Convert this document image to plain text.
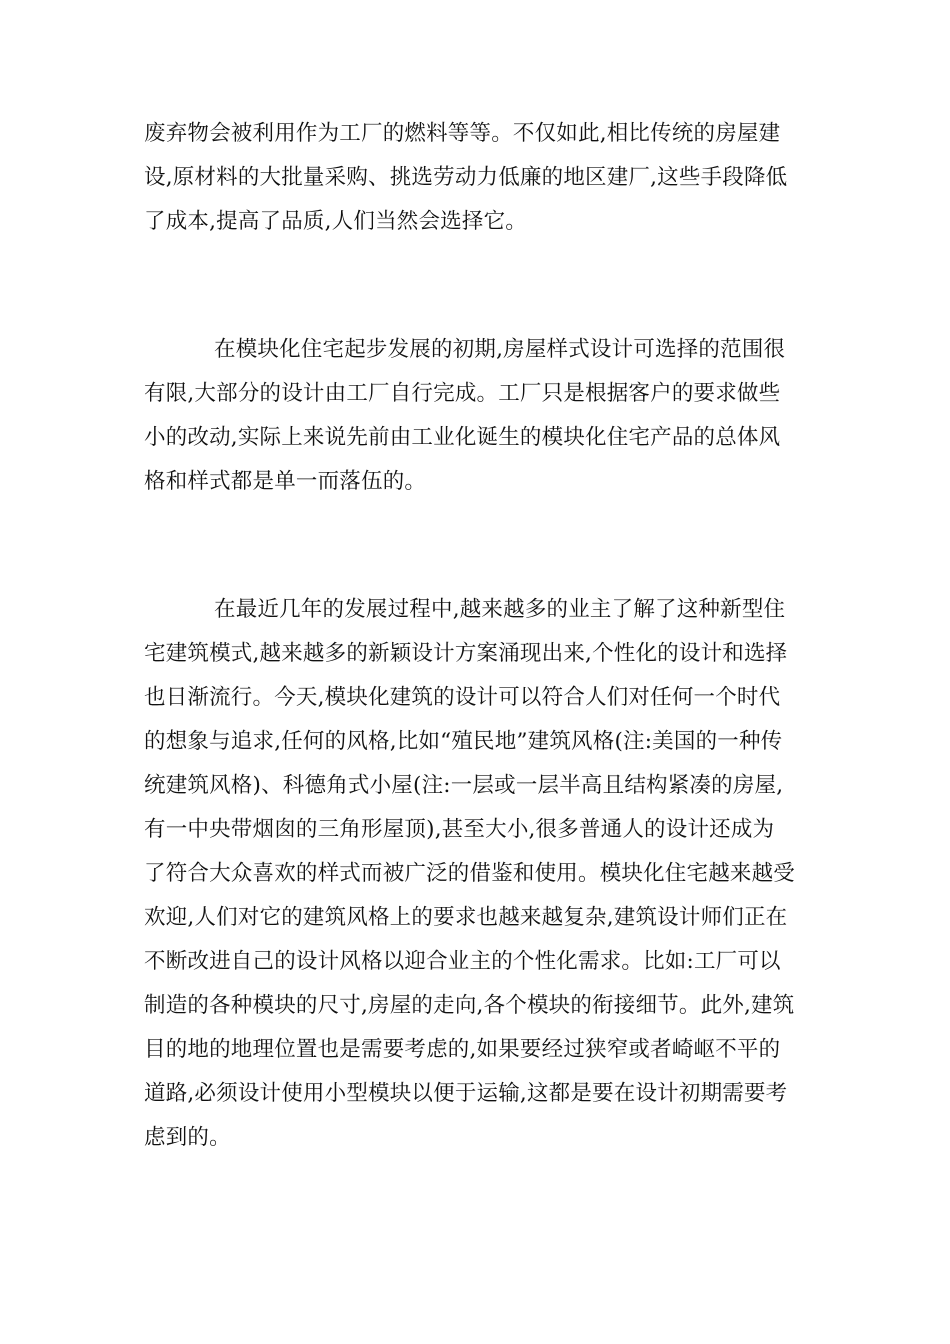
废弃物会被利用作为工厂的燃料等等。不仅如此,相比传统的房屋建
设,原材料的大批量采购、挑选劳动力低廉的地区建厂,这些手段降低
了成本,提高了品质,人们当然会选择它。
在模块化住宅起步发展的初期,房屋样式设计可选择的范围很
有限,大部分的设计由工厂自行完成。工厂只是根据客户的要求做些
小的改动,实际上来说先前由工业化诞生的模块化住宅产品的总体风
格和样式都是单一而落伍的。
在最近几年的发展过程中,越来越多的业主了解了这种新型住
宅建筑模式,越来越多的新颖设计方案涌现出来,个性化的设计和选择
也日渐流行。今天,模块化建筑的设计可以符合人们对任何一个时代
的想象与追求,任何的风格,比如“殖民地”建筑风格(注:美国的一种传
统建筑风格)、科德角式小屋(注:一层或一层半高且结构紧凑的房屋,
有一中央带烟囱的三角形屋顶),甚至大小,很多普通人的设计还成为
了符合大众喜欢的样式而被广泛的借鉴和使用。模块化住宅越来越受
欢迎,人们对它的建筑风格上的要求也越来越复杂,建筑设计师们正在
不断改进自己的设计风格以迎合业主的个性化需求。比如:工厂可以
制造的各种模块的尺寸,房屋的走向,各个模块的衔接细节。此外,建筑
目的地的地理位置也是需要考虑的,如果要经过狭窄或者崎岖不平的
道路,必须设计使用小型模块以便于运输,这都是要在设计初期需要考
虑到的。
